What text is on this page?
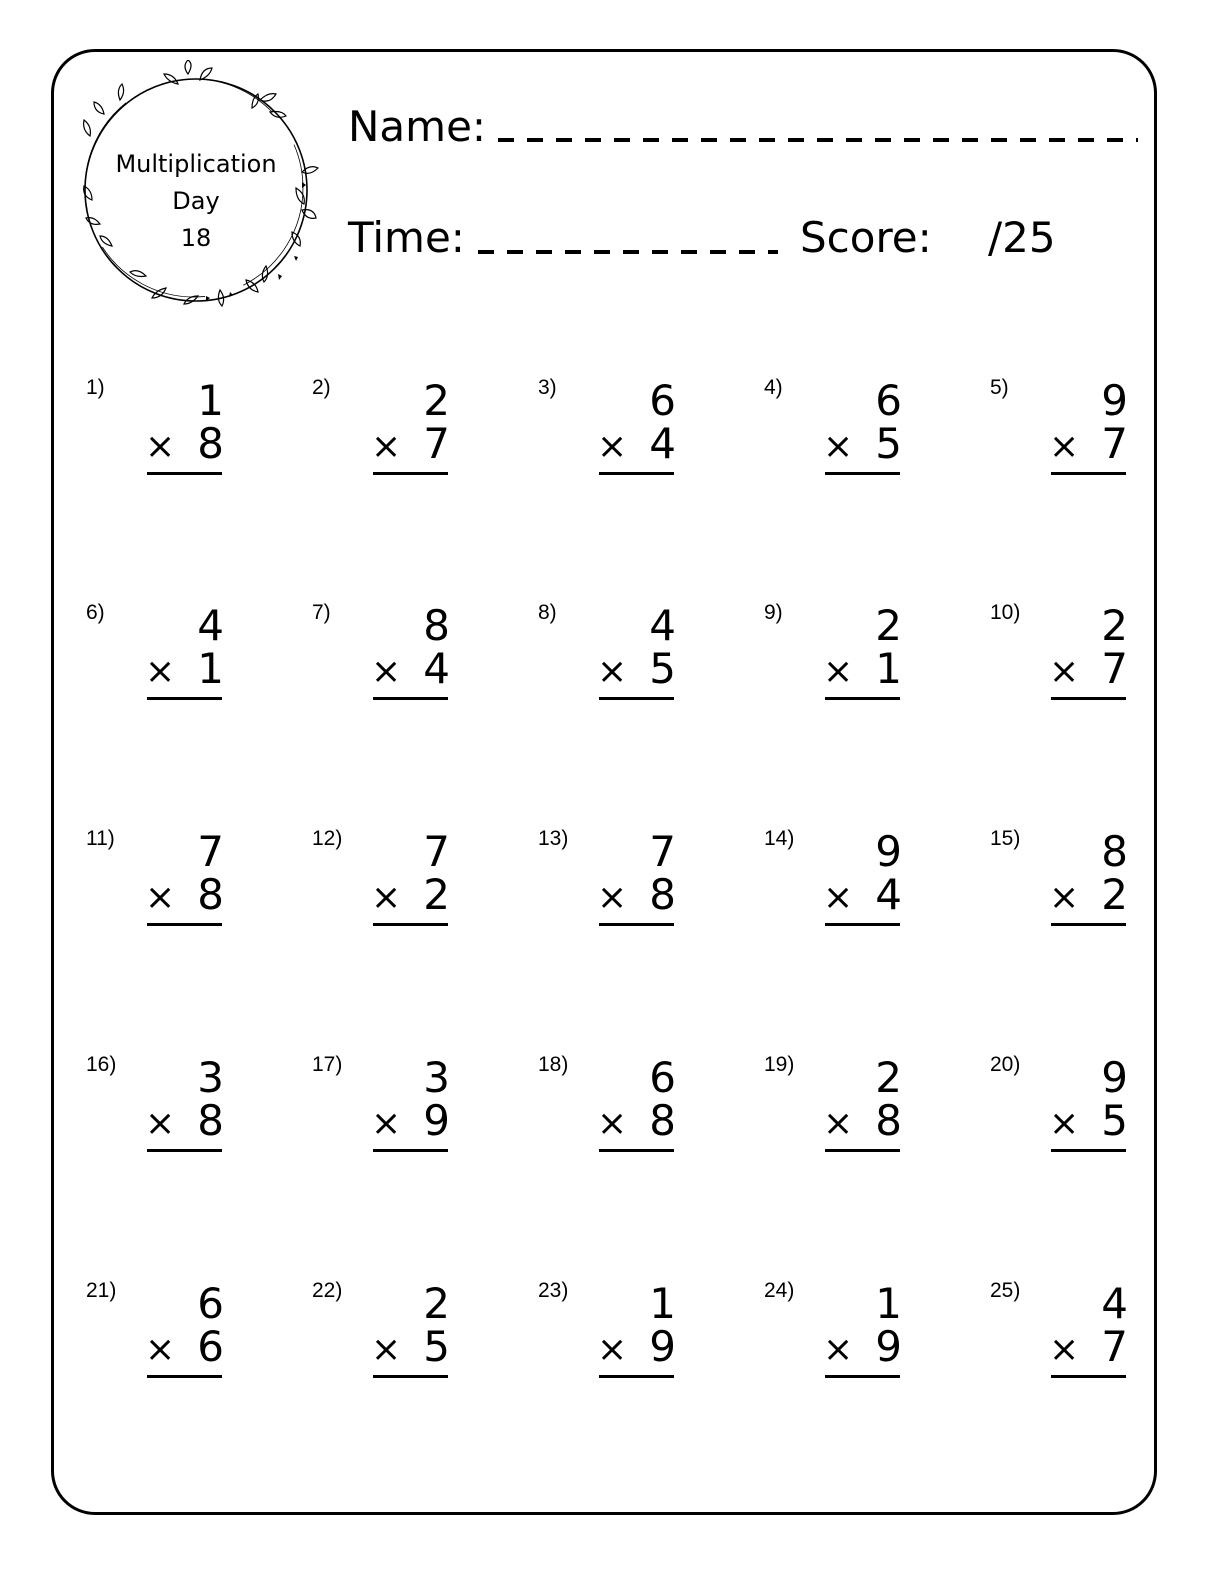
Multiplication
Day
18
Name:
Time:	Score: /25
1) 1
× 8
2) 2
× 7
3) 6
× 4
4) 6
× 5
5) 9
× 7
6) 4
× 1
7) 8
× 4
8) 4
× 5
9) 2
× 1
10) 2
× 7
11) 7
× 8
12) 7
× 2
13) 7
× 8
14) 9
× 4
15) 8
× 2
16) 3
× 8
17) 3
× 9
18) 6
× 8
19) 2
× 8
20) 9
× 5
21) 6
× 6
22) 2
× 5
23) 1
× 9
24) 1
× 9
25) 4
× 7
